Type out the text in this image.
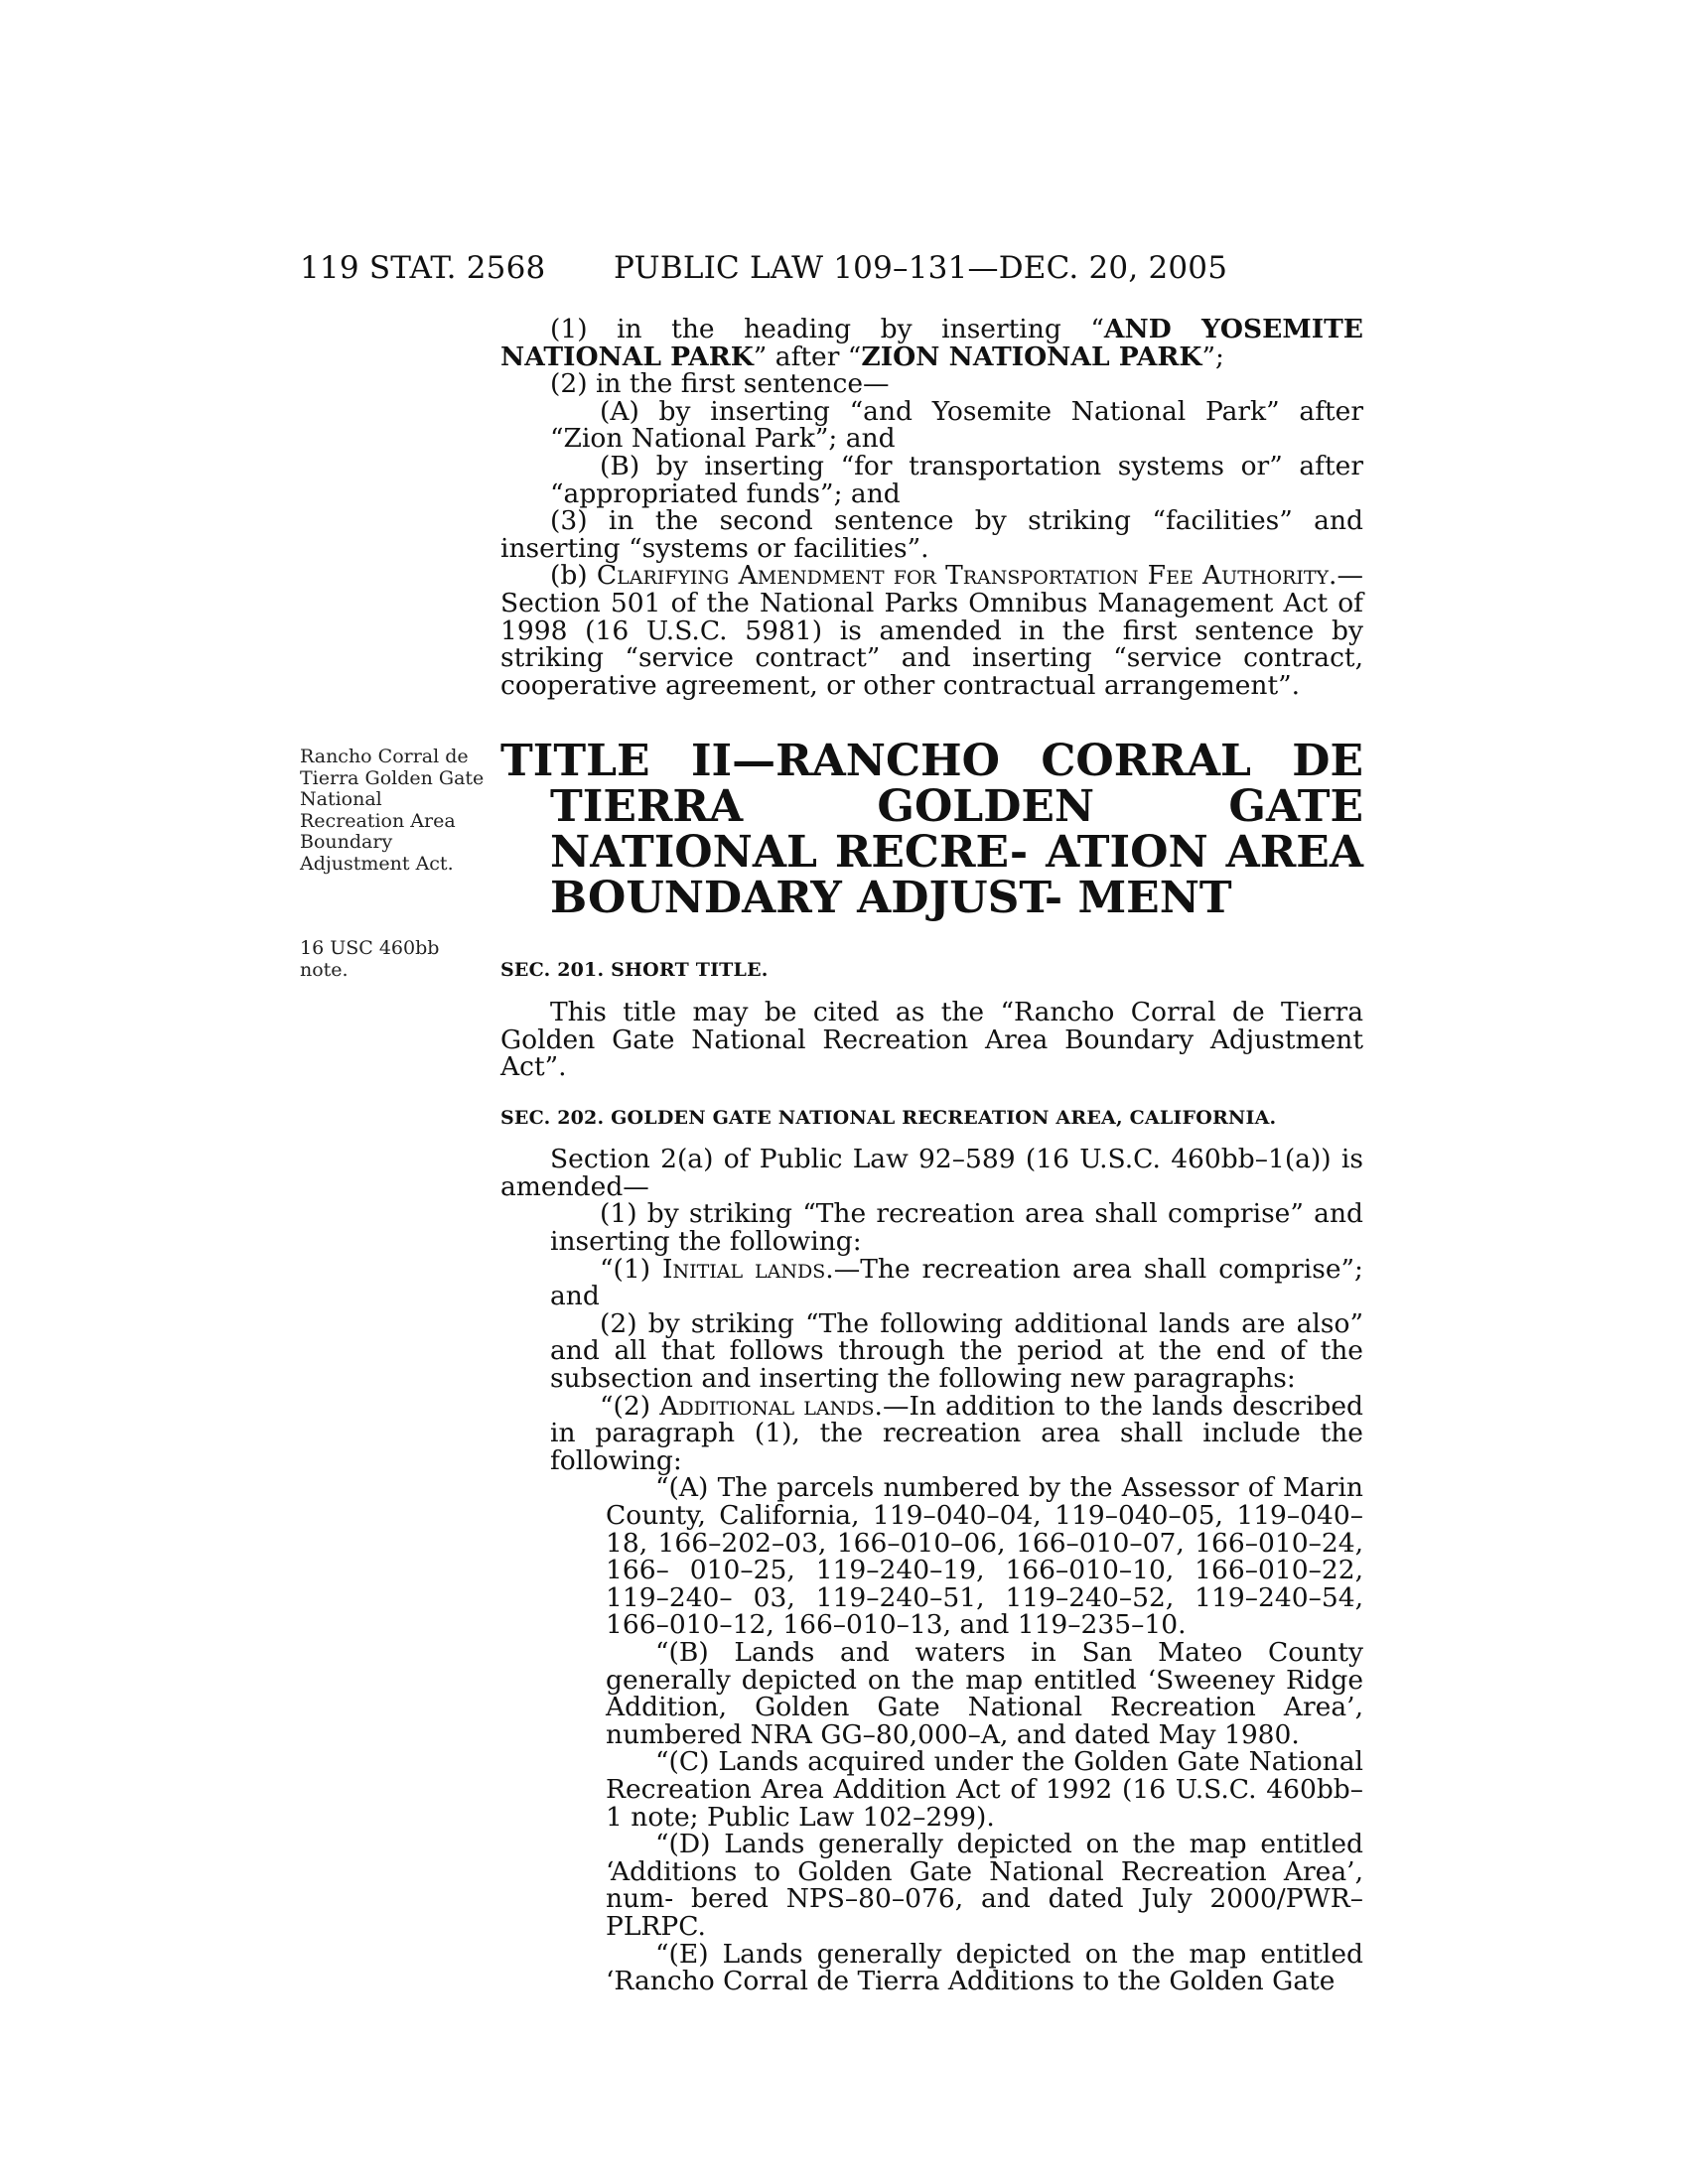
119 STAT. 2568 PUBLIC LAW 109–131—DEC. 20, 2005
Rancho Corral de Tierra Golden Gate National Recreation Area Boundary Adjustment Act.
16 USC 460bb note.

(1) in the heading by inserting “AND YOSEMITE NATIONAL PARK” after “ZION NATIONAL PARK”;

(2) in the first sentence—

(A) by inserting “and Yosemite National Park” after “Zion National Park”; and

(B) by inserting “for transportation systems or” after “appropriated funds”; and

(3) in the second sentence by striking “facilities” and inserting “systems or facilities”.

(b) Clarifying Amendment for Transportation Fee Authority.—Section 501 of the National Parks Omnibus Management Act of 1998 (16 U.S.C. 5981) is amended in the first sentence by striking “service contract” and inserting “service contract, cooperative agreement, or other contractual arrangement”.

TITLE II—RANCHO CORRAL DE TIERRA GOLDEN GATE NATIONAL RECRE- ATION AREA BOUNDARY ADJUST- MENT
SEC. 201. SHORT TITLE.

This title may be cited as the “Rancho Corral de Tierra Golden Gate National Recreation Area Boundary Adjustment Act”.

SEC. 202. GOLDEN GATE NATIONAL RECREATION AREA, CALIFORNIA.

Section 2(a) of Public Law 92–589 (16 U.S.C. 460bb–1(a)) is amended—

(1) by striking “The recreation area shall comprise” and inserting the following:

“(1) Initial lands.—The recreation area shall comprise”; and

(2) by striking “The following additional lands are also” and all that follows through the period at the end of the subsection and inserting the following new paragraphs:

“(2) Additional lands.—In addition to the lands described in paragraph (1), the recreation area shall include the following:

“(A) The parcels numbered by the Assessor of Marin County, California, 119–040–04, 119–040–05, 119–040–18, 166–202–03, 166–010–06, 166–010–07, 166–010–24, 166– 010–25, 119–240–19, 166–010–10, 166–010–22, 119–240– 03, 119–240–51, 119–240–52, 119–240–54, 166–010–12, 166–010–13, and 119–235–10.

“(B) Lands and waters in San Mateo County generally depicted on the map entitled ‘Sweeney Ridge Addition, Golden Gate National Recreation Area’, numbered NRA GG–80,000–A, and dated May 1980.

“(C) Lands acquired under the Golden Gate National Recreation Area Addition Act of 1992 (16 U.S.C. 460bb– 1 note; Public Law 102–299).

“(D) Lands generally depicted on the map entitled ‘Additions to Golden Gate National Recreation Area’, num- bered NPS–80–076, and dated July 2000/PWR–PLRPC.

“(E) Lands generally depicted on the map entitled ‘Rancho Corral de Tierra Additions to the Golden Gate
